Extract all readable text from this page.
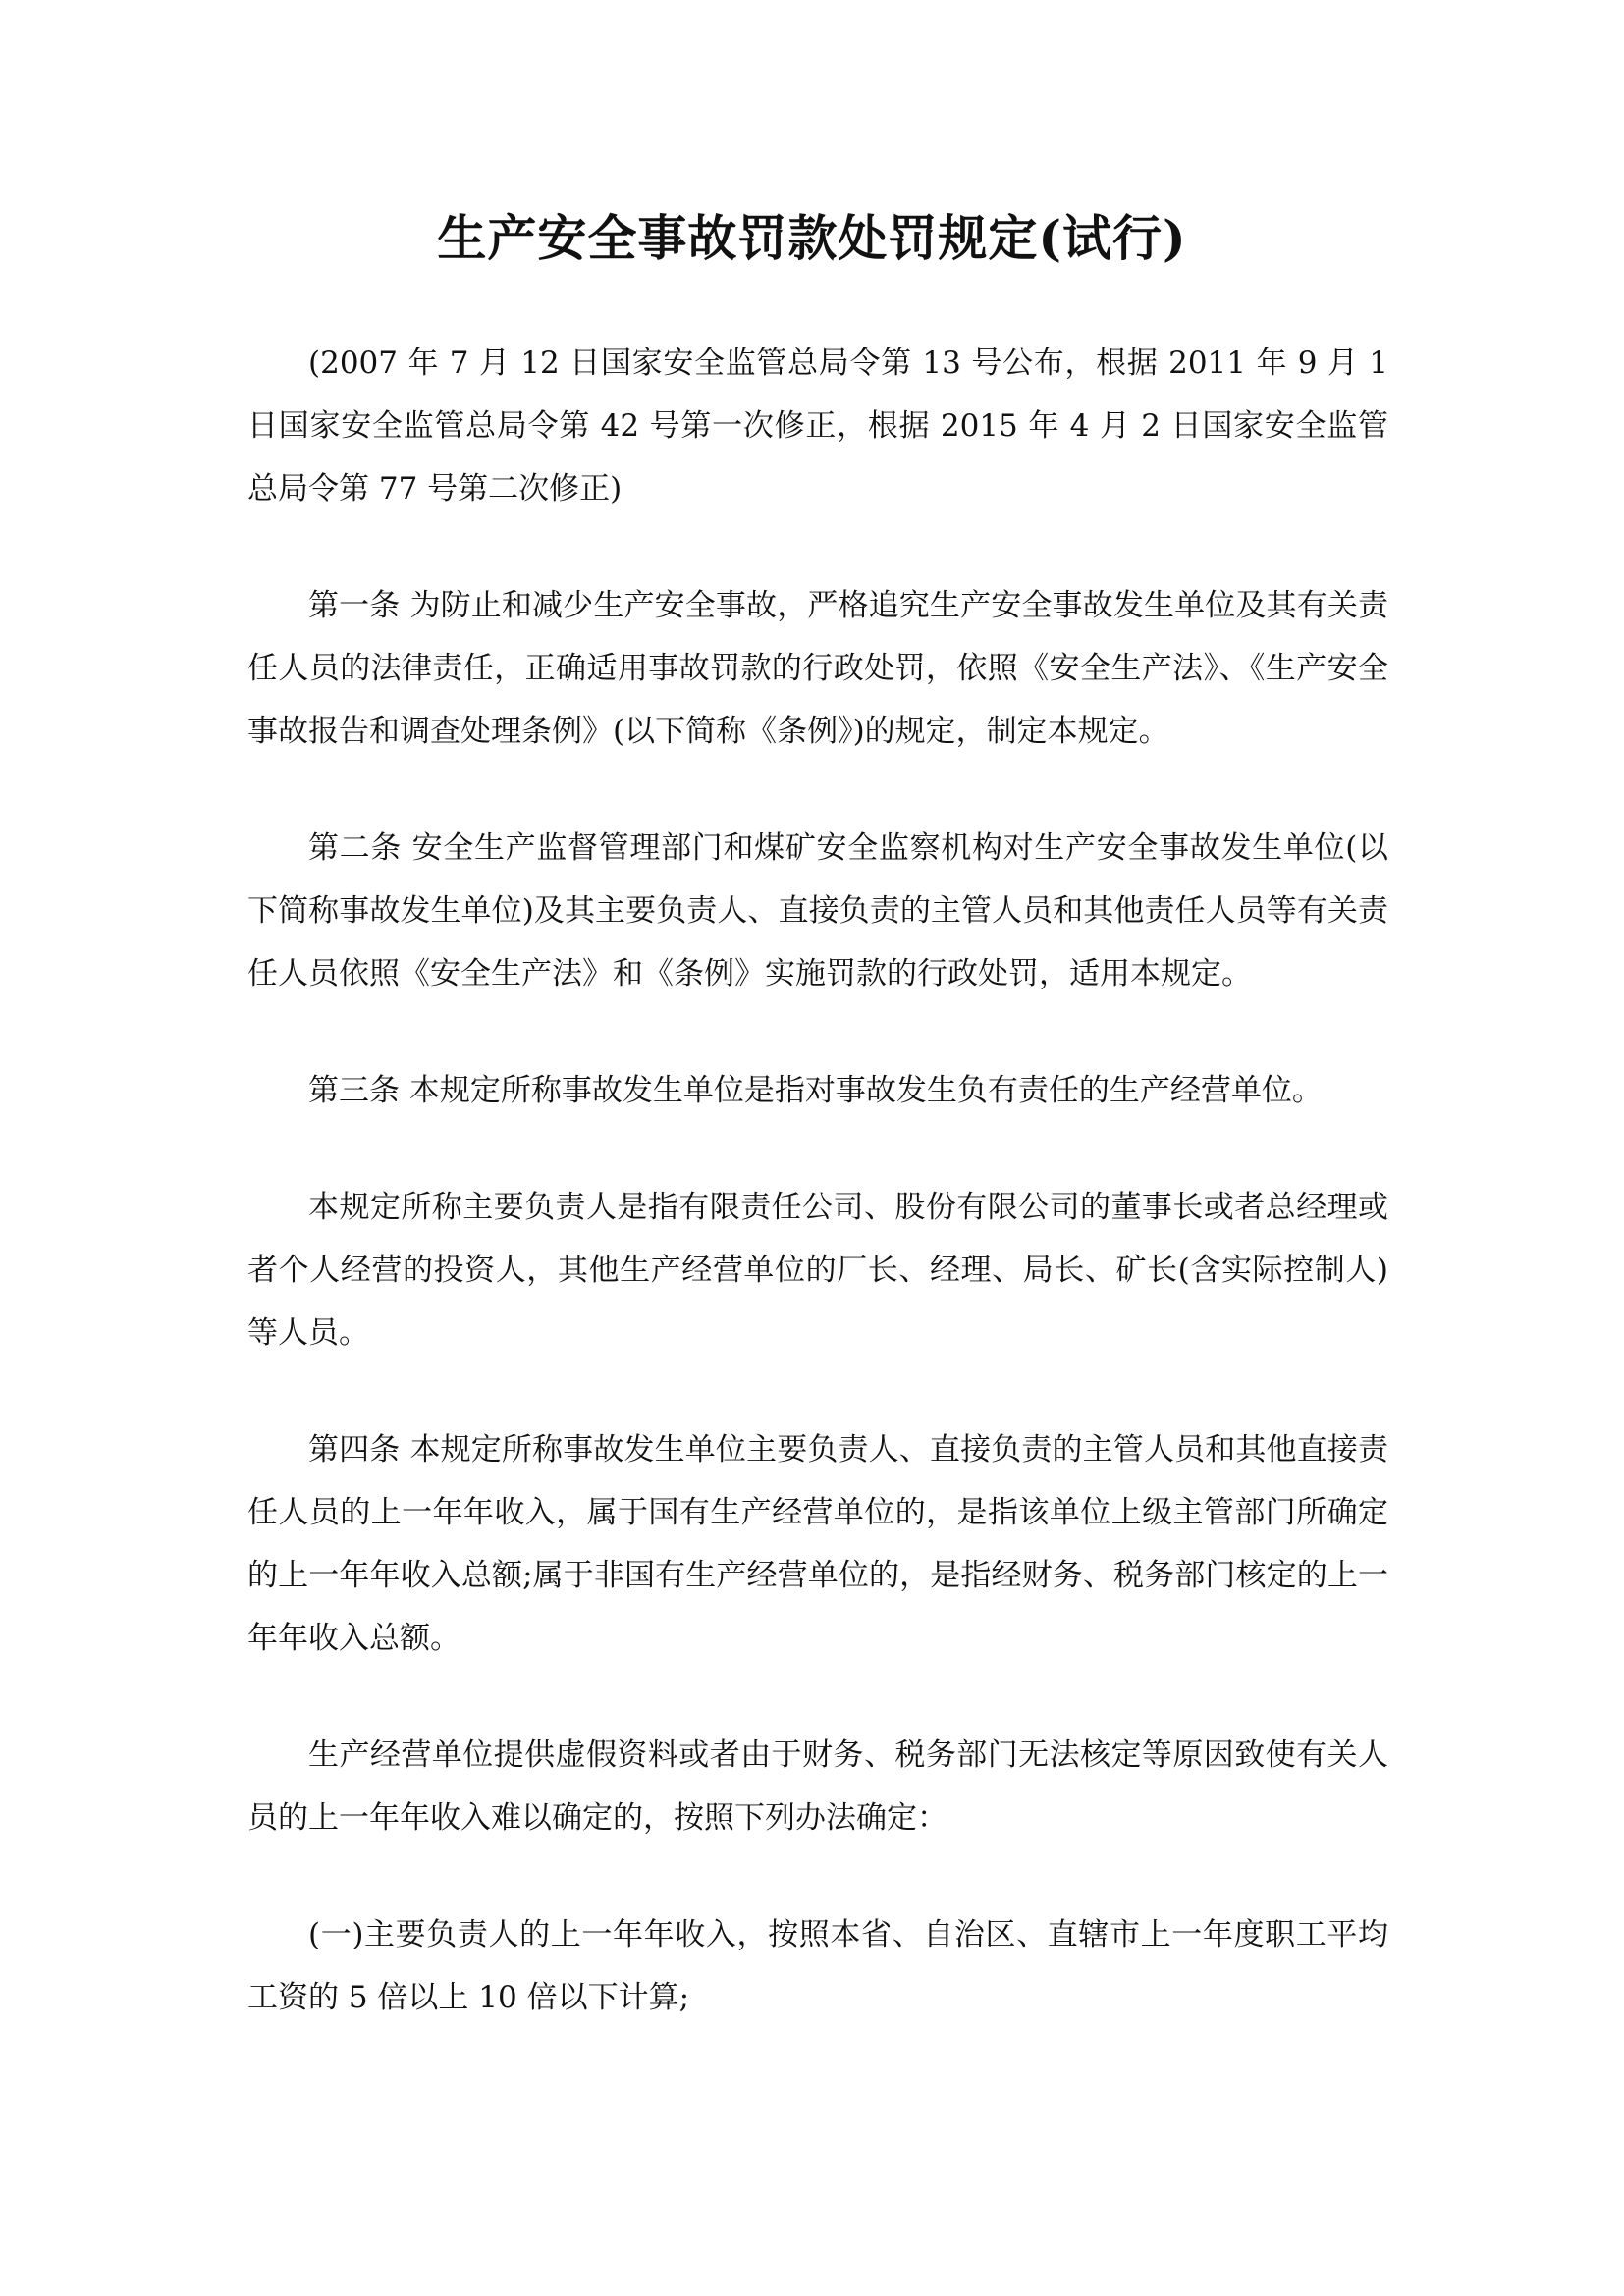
生产安全事故罚款处罚规定(试行)

(2007 年 7 月 12 日国家安全监管总局令第 13 号公布，根据 2011 年 9 月 1 日国家安全监管总局令第 42 号第一次修正，根据 2015 年 4 月 2 日国家安全监管总局令第 77 号第二次修正)

第一条 为防止和减少生产安全事故，严格追究生产安全事故发生单位及其有关责任人员的法律责任，正确适用事故罚款的行政处罚，依照《安全生产法》、《生产安全事故报告和调查处理条例》(以下简称《条例》)的规定，制定本规定。

第二条 安全生产监督管理部门和煤矿安全监察机构对生产安全事故发生单位(以下简称事故发生单位)及其主要负责人、直接负责的主管人员和其他责任人员等有关责任人员依照《安全生产法》和《条例》实施罚款的行政处罚，适用本规定。

第三条 本规定所称事故发生单位是指对事故发生负有责任的生产经营单位。

本规定所称主要负责人是指有限责任公司、股份有限公司的董事长或者总经理或者个人经营的投资人，其他生产经营单位的厂长、经理、局长、矿长(含实际控制人)等人员。

第四条 本规定所称事故发生单位主要负责人、直接负责的主管人员和其他直接责任人员的上一年年收入，属于国有生产经营单位的，是指该单位上级主管部门所确定的上一年年收入总额;属于非国有生产经营单位的，是指经财务、税务部门核定的上一年年收入总额。

生产经营单位提供虚假资料或者由于财务、税务部门无法核定等原因致使有关人员的上一年年收入难以确定的，按照下列办法确定：

(一)主要负责人的上一年年收入，按照本省、自治区、直辖市上一年度职工平均工资的 5 倍以上 10 倍以下计算;
